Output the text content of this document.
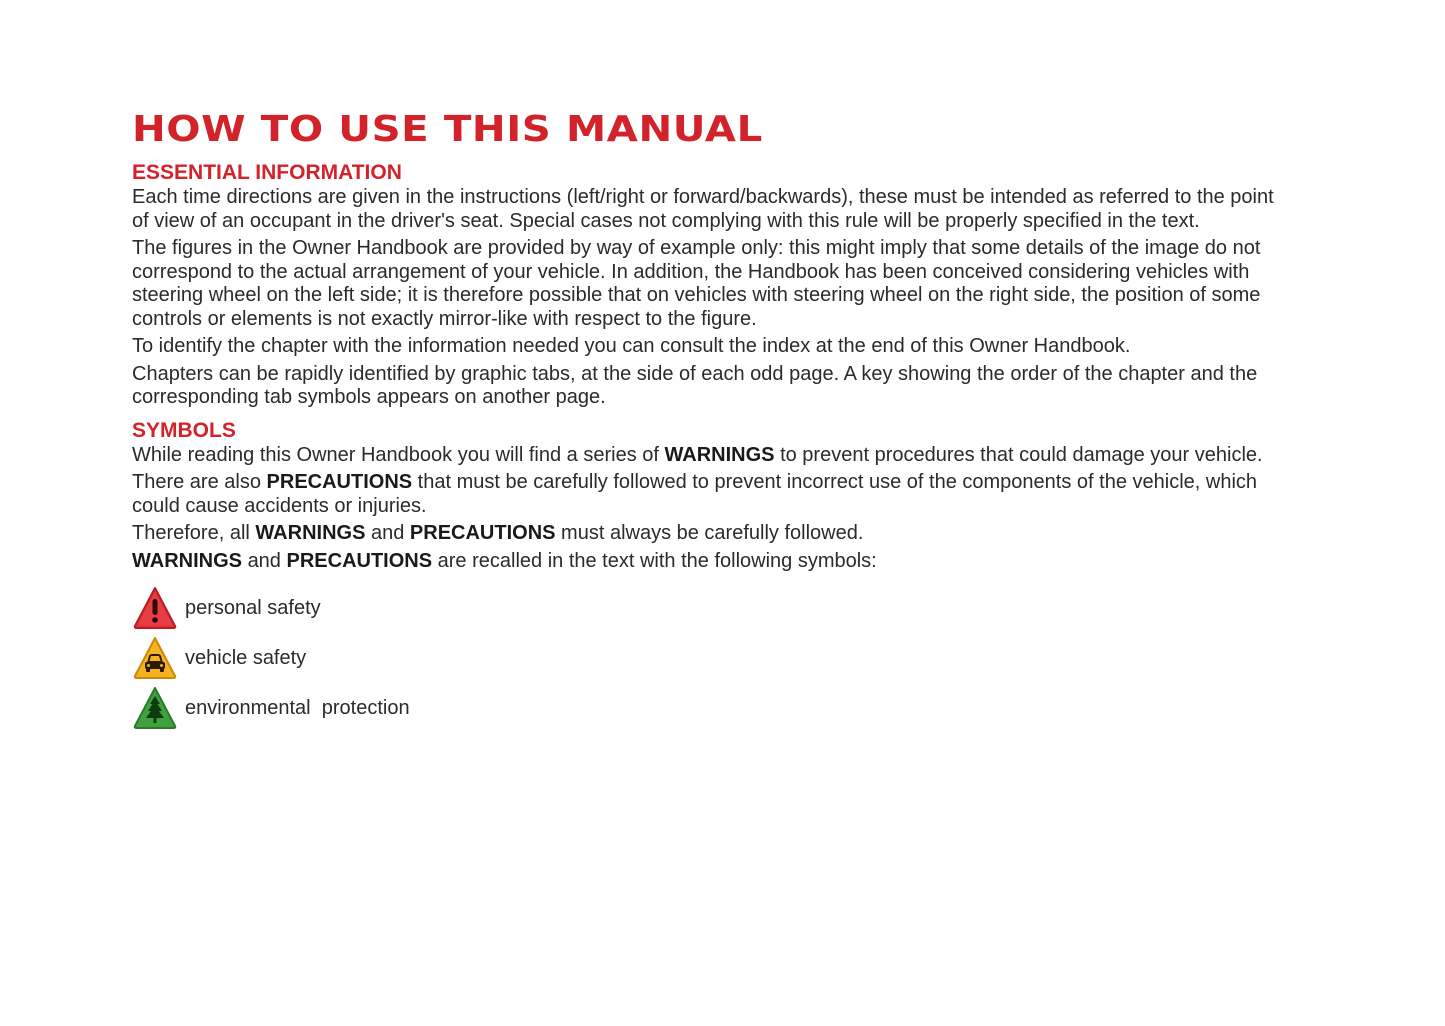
HOW TO USE THIS MANUAL
ESSENTIAL INFORMATION

Each time directions are given in the instructions (left/right or forward/backwards), these must be intended as referred to the point of view of an occupant in the driver's seat. Special cases not complying with this rule will be properly specified in the text.

The figures in the Owner Handbook are provided by way of example only: this might imply that some details of the image do not correspond to the actual arrangement of your vehicle. In addition, the Handbook has been conceived considering vehicles with steering wheel on the left side; it is therefore possible that on vehicles with steering wheel on the right side, the position of some controls or elements is not exactly mirror-like with respect to the figure.

To identify the chapter with the information needed you can consult the index at the end of this Owner Handbook.

Chapters can be rapidly identified by graphic tabs, at the side of each odd page. A key showing the order of the chapter and the corresponding tab symbols appears on another page.

SYMBOLS

While reading this Owner Handbook you will find a series of WARNINGS to prevent procedures that could damage your vehicle.

There are also PRECAUTIONS that must be carefully followed to prevent incorrect use of the components of the vehicle, which could cause accidents or injuries.

Therefore, all WARNINGS and PRECAUTIONS must always be carefully followed.

WARNINGS and PRECAUTIONS are recalled in the text with the following symbols:

personal safety
vehicle safety
environmental  protection
